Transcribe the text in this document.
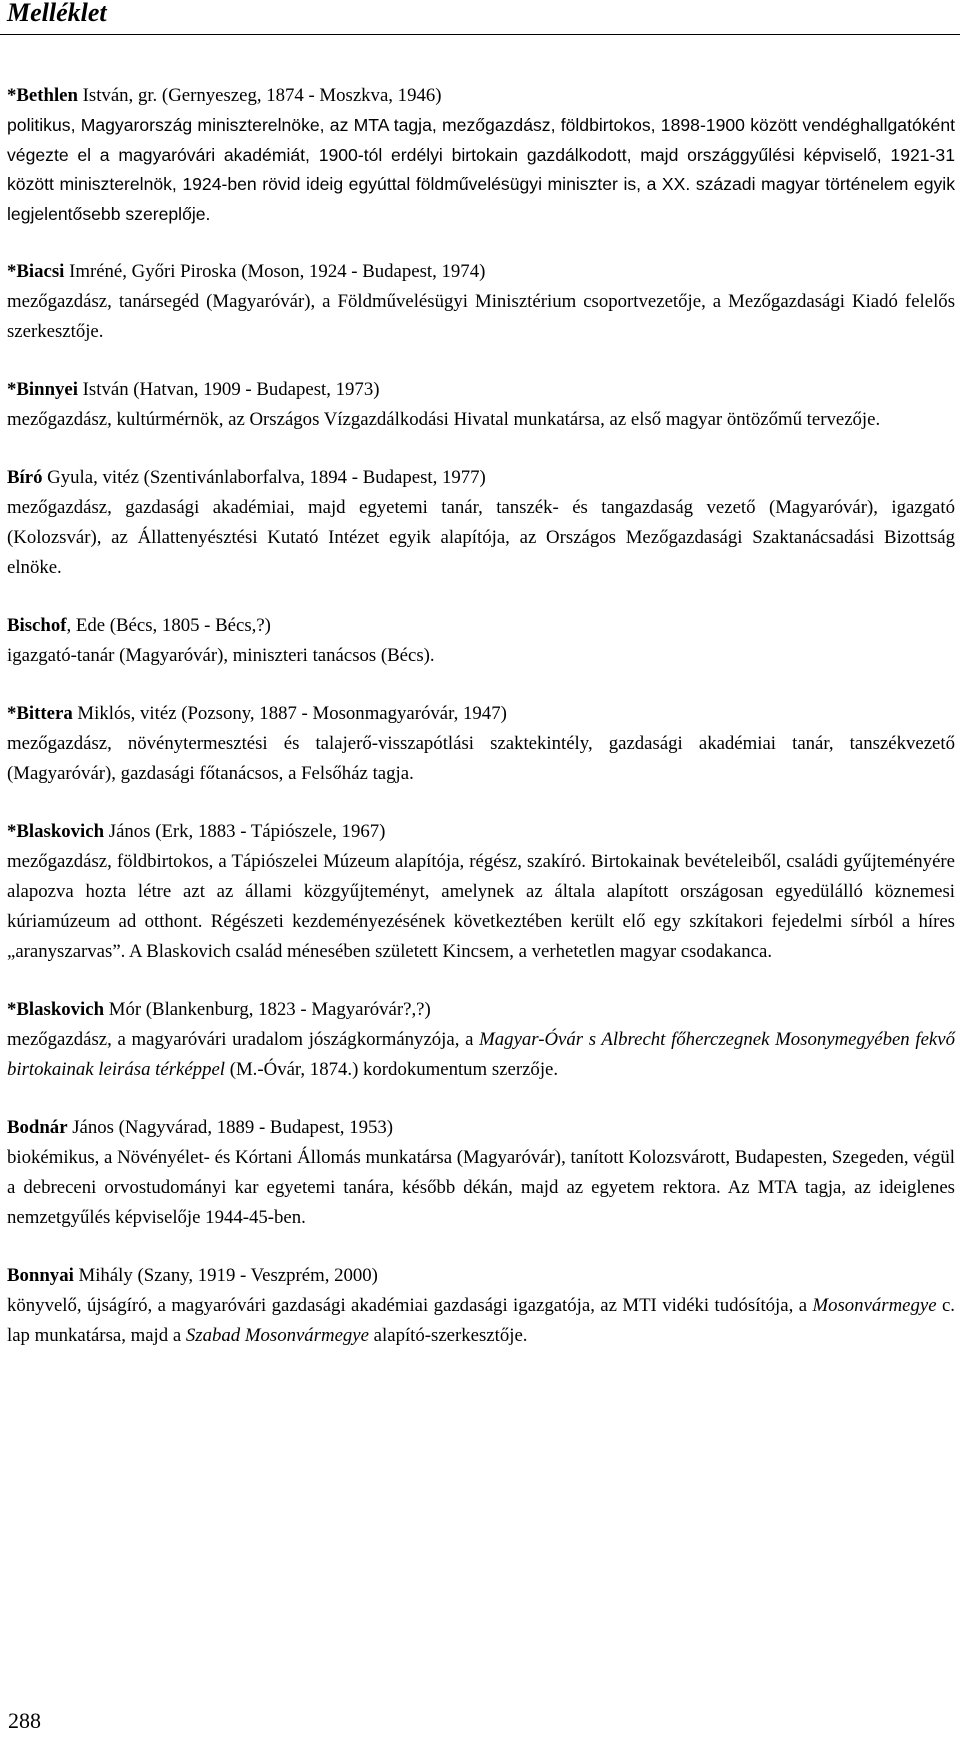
Melléklet

*Bethlen István, gr. (Gernyeszeg, 1874 - Moszkva, 1946)

politikus, Magyarország miniszterelnöke, az MTA tagja, mezőgazdász, földbirtokos, 1898-1900 között vendéghallgatóként végezte el a magyaróvári akadémiát, 1900-tól erdélyi birtokain gazdálkodott, majd országgyűlési képviselő, 1921-31 között miniszterelnök, 1924-ben rövid ideig egyúttal földművelésügyi miniszter is, a XX. századi magyar történelem egyik legjelentősebb szereplője.

*Biacsi Imréné, Győri Piroska (Moson, 1924 - Budapest, 1974)

mezőgazdász, tanársegéd (Magyaróvár), a Földművelésügyi Minisztérium csoportvezetője, a Mezőgazdasági Kiadó felelős szerkesztője.

*Binnyei István (Hatvan, 1909 - Budapest, 1973)

mezőgazdász, kultúrmérnök, az Országos Vízgazdálkodási Hivatal munkatársa, az első magyar öntözőmű tervezője.

Bíró Gyula, vitéz (Szentivánlaborfalva, 1894 - Budapest, 1977)

mezőgazdász, gazdasági akadémiai, majd egyetemi tanár, tanszék- és tangazdaság vezető (Magyaróvár), igazgató (Kolozsvár), az Állattenyésztési Kutató Intézet egyik alapítója, az Országos Mezőgazdasági Szaktanácsadási Bizottság elnöke.

Bischof, Ede (Bécs, 1805 - Bécs,?)

igazgató-tanár (Magyaróvár), miniszteri tanácsos (Bécs).

*Bittera Miklós, vitéz (Pozsony, 1887 - Mosonmagyaróvár, 1947)

mezőgazdász, növénytermesztési és talajerő-visszapótlási szaktekintély, gazdasági akadémiai tanár, tanszékvezető (Magyaróvár), gazdasági főtanácsos, a Felsőház tagja.

*Blaskovich János (Erk, 1883 - Tápiószele, 1967)

mezőgazdász, földbirtokos, a Tápiószelei Múzeum alapítója, régész, szakíró. Birtokainak bevételeiből, családi gyűjteményére alapozva hozta létre azt az állami közgyűjteményt, amelynek az általa alapított országosan egyedülálló köznemesi kúriamúzeum ad otthont. Régészeti kezdeményezésének következtében került elő egy szkítakori fejedelmi sírból a híres „aranyszarvas”. A Blaskovich család ménesében született Kincsem, a verhetetlen magyar csodakanca.

*Blaskovich Mór (Blankenburg, 1823 - Magyaróvár?,?)

mezőgazdász, a magyaróvári uradalom jószágkormányzója, a Magyar-Óvár s Albrecht főherczegnek Mosonymegyében fekvő birtokainak leirása térképpel (M.-Óvár, 1874.) kordokumentum szerzője.

Bodnár János (Nagyvárad, 1889 - Budapest, 1953)

biokémikus, a Növényélet- és Kórtani Állomás munkatársa (Magyaróvár), tanított Kolozsvárott, Budapesten, Szegeden, végül a debreceni orvostudományi kar egyetemi tanára, később dékán, majd az egyetem rektora. Az MTA tagja, az ideiglenes nemzetgyűlés képviselője 1944-45-ben.

Bonnyai Mihály (Szany, 1919 - Veszprém, 2000)

könyvelő, újságíró, a magyaróvári gazdasági akadémiai gazdasági igazgatója, az MTI vidéki tudósítója, a Mosonvármegye c. lap munkatársa, majd a Szabad Mosonvármegye alapító-szerkesztője.

288
